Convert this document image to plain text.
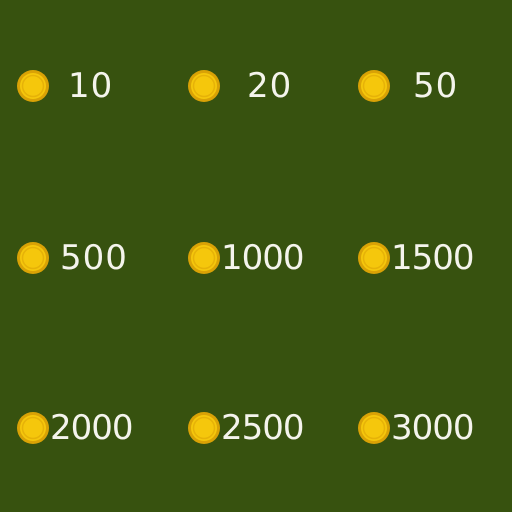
10	20	50
500	1000	1500
2000	2500	3000
